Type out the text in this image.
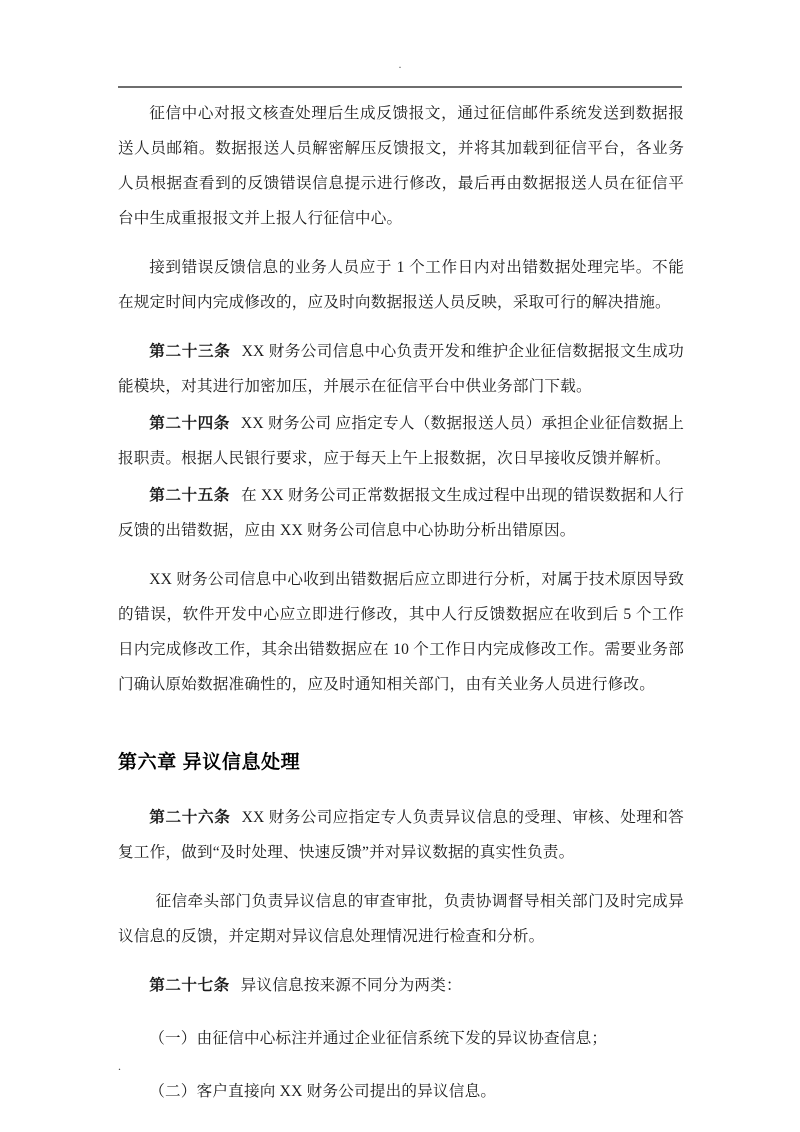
.

征信中心对报文核查处理后生成反馈报文，通过征信邮件系统发送到数据报送人员邮箱。数据报送人员解密解压反馈报文，并将其加载到征信平台，各业务人员根据查看到的反馈错误信息提示进行修改，最后再由数据报送人员在征信平台中生成重报报文并上报人行征信中心。

接到错误反馈信息的业务人员应于 1 个工作日内对出错数据处理完毕。不能在规定时间内完成修改的，应及时向数据报送人员反映，采取可行的解决措施。

第二十三条 XX 财务公司信息中心负责开发和维护企业征信数据报文生成功能模块，对其进行加密加压，并展示在征信平台中供业务部门下载。

第二十四条 XX 财务公司 应指定专人（数据报送人员）承担企业征信数据上报职责。根据人民银行要求，应于每天上午上报数据，次日早接收反馈并解析。

第二十五条 在 XX 财务公司正常数据报文生成过程中出现的错误数据和人行反馈的出错数据，应由 XX 财务公司信息中心协助分析出错原因。

XX 财务公司信息中心收到出错数据后应立即进行分析，对属于技术原因导致的错误，软件开发中心应立即进行修改，其中人行反馈数据应在收到后 5 个工作日内完成修改工作，其余出错数据应在 10 个工作日内完成修改工作。需要业务部门确认原始数据准确性的，应及时通知相关部门，由有关业务人员进行修改。

第六章 异议信息处理

第二十六条 XX 财务公司应指定专人负责异议信息的受理、审核、处理和答复工作，做到“及时处理、快速反馈”并对异议数据的真实性负责。

征信牵头部门负责异议信息的审查审批，负责协调督导相关部门及时完成异议信息的反馈，并定期对异议信息处理情况进行检查和分析。

第二十七条 异议信息按来源不同分为两类：

（一）由征信中心标注并通过企业征信系统下发的异议协查信息；

（二）客户直接向 XX 财务公司提出的异议信息。

.
